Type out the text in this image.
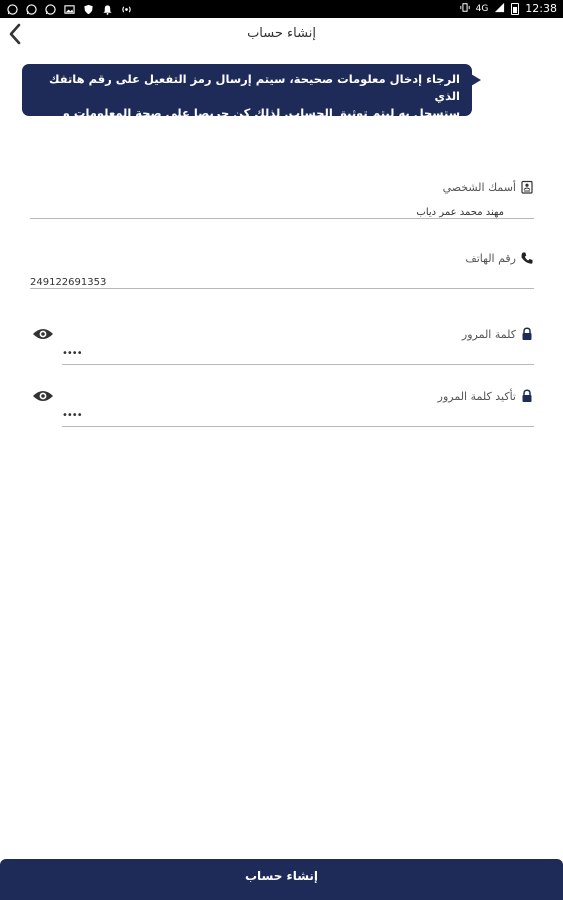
4G	12:38
إنشاء حساب
الرجاء إدخال معلومات صحيحة، سيتم إرسال رمز التفعيل على رقم هاتفك الذي
ستسجل به ليتم توثيق الحساب. لذلك كن حريصا على صحة المعلومات و دقتها
أسمك الشخصي
مهند محمد عمر دياب
رقم الهاتف
249122691353
كلمة المرور
••••
تأكيد كلمة المرور
••••
إنشاء حساب
